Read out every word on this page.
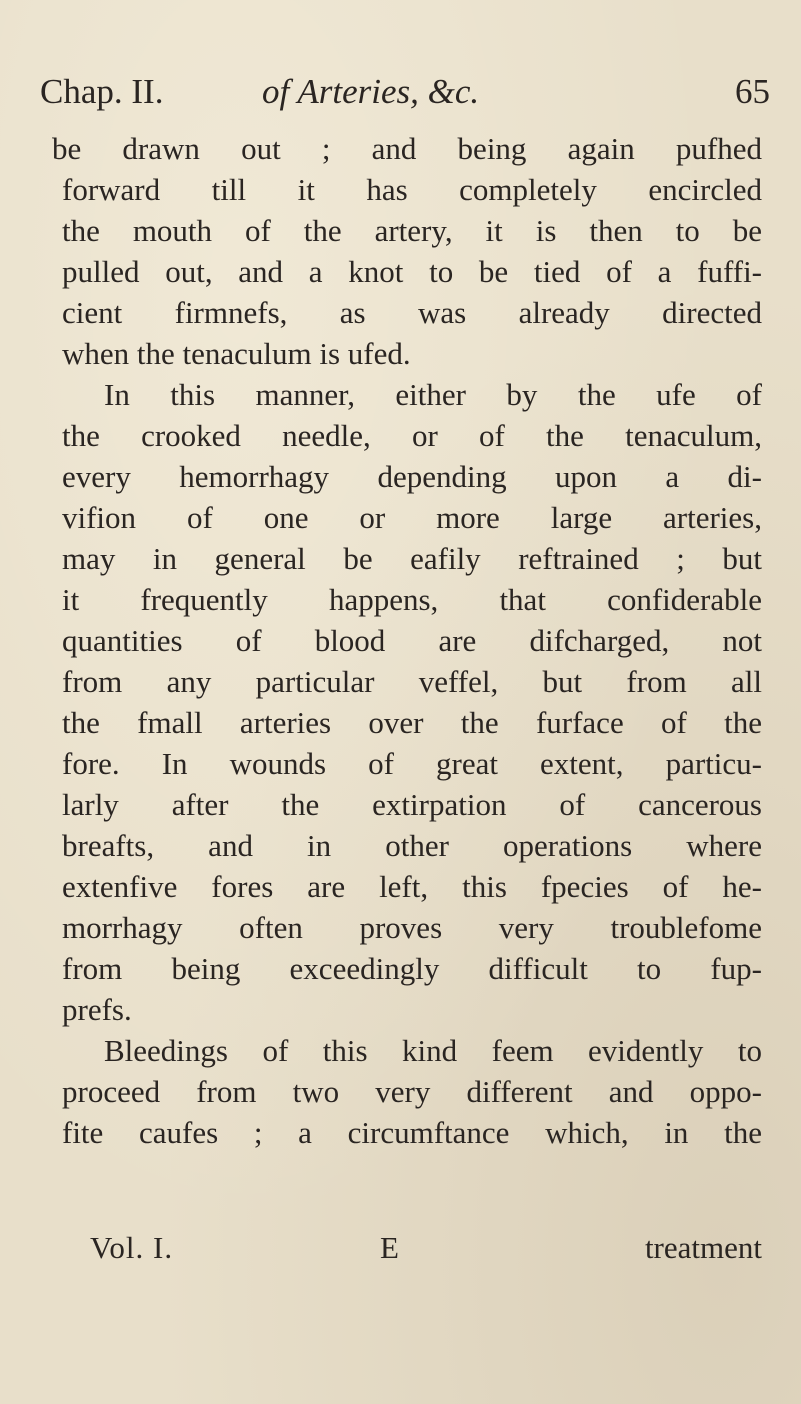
Chap. II.	of Arteries, &c.	65
be drawn out ; and being again pufhed
forward till it has completely encircled
the mouth of the artery, it is then to be
pulled out, and a knot to be tied of a fuffi-
cient firmnefs, as was already directed
when the tenaculum is ufed.
In this manner, either by the ufe of
the crooked needle, or of the tenaculum,
every hemorrhagy depending upon a di-
vifion of one or more large arteries,
may in general be eafily reftrained ; but
it frequently happens, that confiderable
quantities of blood are difcharged, not
from any particular veffel, but from all
the fmall arteries over the furface of the
fore. In wounds of great extent, particu-
larly after the extirpation of cancerous
breafts, and in other operations where
extenfive fores are left, this fpecies of he-
morrhagy often proves very troublefome
from being exceedingly difficult to fup-
prefs.
Bleedings of this kind feem evidently to
proceed from two very different and oppo-
fite caufes ; a circumftance which, in the
Vol. I.	E	treatment
